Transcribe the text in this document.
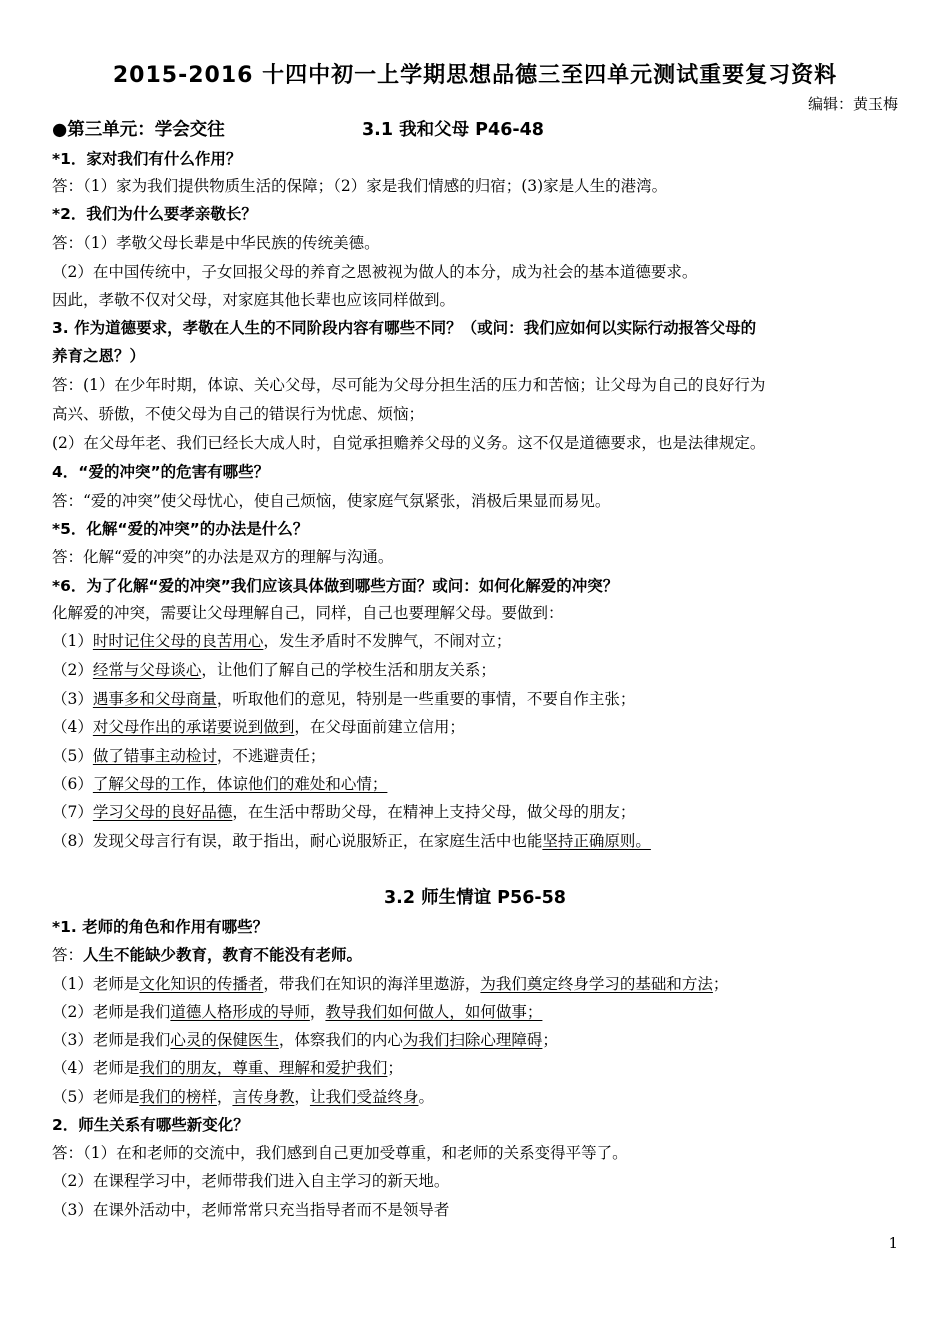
2015-2016 十四中初一上学期思想品德三至四单元测试重要复习资料
编辑：黄玉梅
●第三单元：学会交往	3.1 我和父母 P46-48
*1．家对我们有什么作用？
答：（1）家为我们提供物质生活的保障；（2）家是我们情感的归宿；(3)家是人生的港湾。
*2．我们为什么要孝亲敬长？
答：（1）孝敬父母长辈是中华民族的传统美德。
（2）在中国传统中，子女回报父母的养育之恩被视为做人的本分，成为社会的基本道德要求。
因此，孝敬不仅对父母，对家庭其他长辈也应该同样做到。
3. 作为道德要求，孝敬在人生的不同阶段内容有哪些不同？（或问：我们应如何以实际行动报答父母的
养育之恩？）
答：(1）在少年时期，体谅、关心父母，尽可能为父母分担生活的压力和苦恼；让父母为自己的良好行为
高兴、骄傲，不使父母为自己的错误行为忧虑、烦恼；
(2）在父母年老、我们已经长大成人时，自觉承担赡养父母的义务。这不仅是道德要求，也是法律规定。
4．“爱的冲突”的危害有哪些？
答：“爱的冲突”使父母忧心，使自己烦恼，使家庭气氛紧张，消极后果显而易见。
*5．化解“爱的冲突”的办法是什么？
答：化解“爱的冲突”的办法是双方的理解与沟通。
*6．为了化解“爱的冲突”我们应该具体做到哪些方面？或问：如何化解爱的冲突？
化解爱的冲突，需要让父母理解自己，同样，自己也要理解父母。要做到：
（1）时时记住父母的良苦用心，发生矛盾时不发脾气，不闹对立；
（2）经常与父母谈心，让他们了解自己的学校生活和朋友关系；
（3）遇事多和父母商量，听取他们的意见，特别是一些重要的事情，不要自作主张；
（4）对父母作出的承诺要说到做到，在父母面前建立信用；
（5）做了错事主动检讨，不逃避责任；
（6）了解父母的工作，体谅他们的难处和心情；
（7）学习父母的良好品德，在生活中帮助父母，在精神上支持父母，做父母的朋友；
（8）发现父母言行有误，敢于指出，耐心说服矫正，在家庭生活中也能坚持正确原则。
3.2 师生情谊 P56-58
*1. 老师的角色和作用有哪些？
答：人生不能缺少教育，教育不能没有老师。
（1）老师是文化知识的传播者，带我们在知识的海洋里遨游，为我们奠定终身学习的基础和方法；
（2）老师是我们道德人格形成的导师，教导我们如何做人，如何做事；
（3）老师是我们心灵的保健医生，体察我们的内心为我们扫除心理障碍；
（4）老师是我们的朋友，尊重、理解和爱护我们；
（5）老师是我们的榜样，言传身教，让我们受益终身。
2．师生关系有哪些新变化？
答：（1）在和老师的交流中，我们感到自己更加受尊重，和老师的关系变得平等了。
（2）在课程学习中，老师带我们进入自主学习的新天地。
（3）在课外活动中，老师常常只充当指导者而不是领导者
1
